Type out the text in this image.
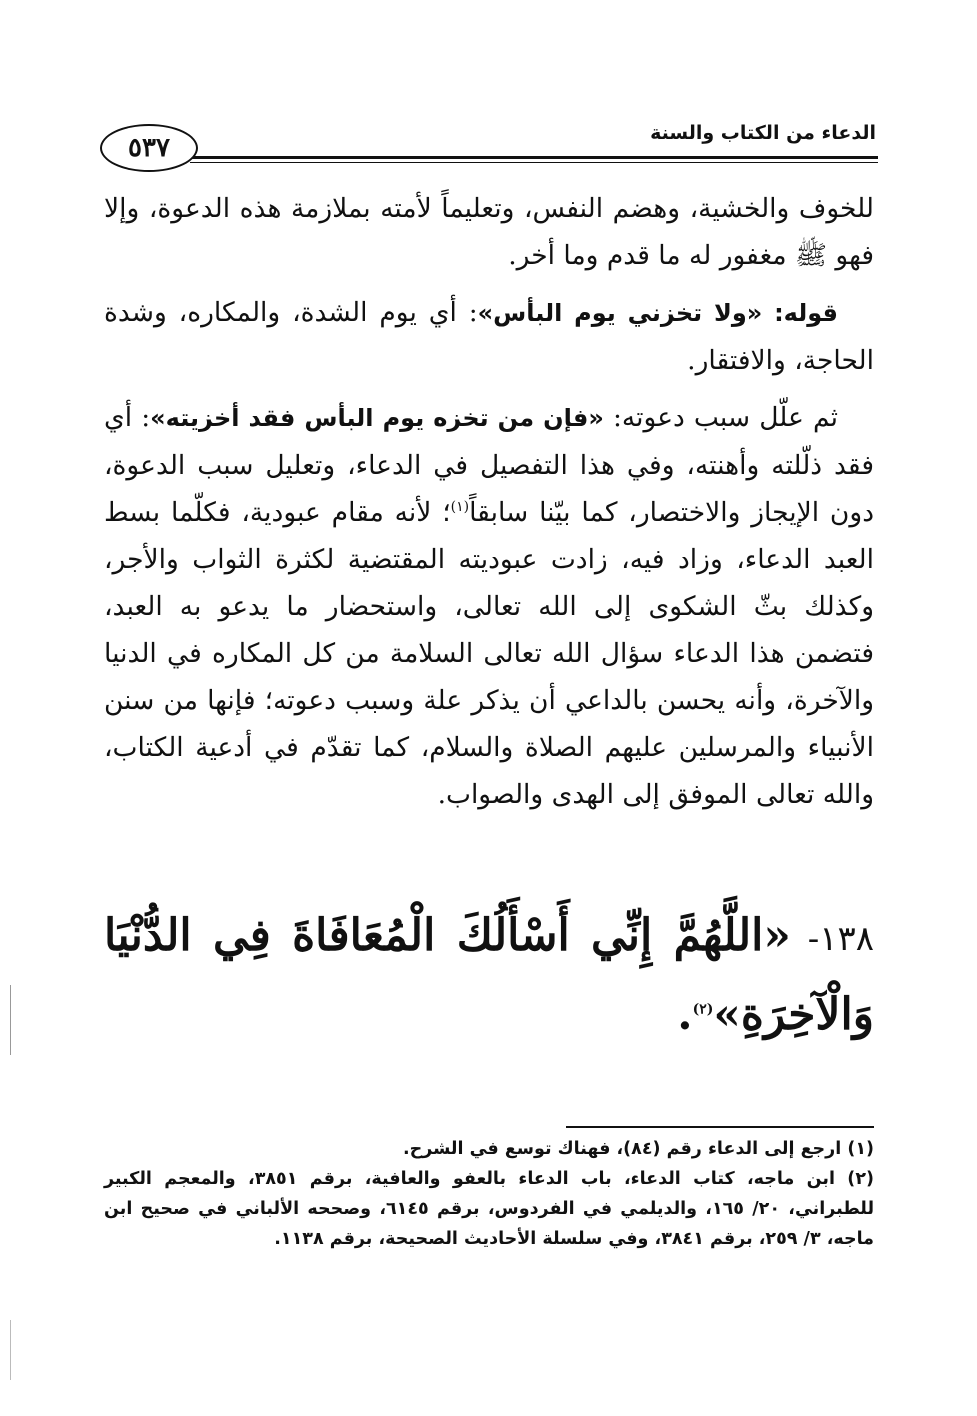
٥٣٧	الدعاء من الكتاب والسنة

للخوف والخشية، وهضم النفس، وتعليماً لأمته بملازمة هذه الدعوة، وإلا فهو ﷺ مغفور له ما قدم وما أخر.

قوله: «ولا تخزني يوم البأس»: أي يوم الشدة، والمكاره، وشدة الحاجة، والافتقار.

ثم علّل سبب دعوته: «فإن من تخزه يوم البأس فقد أخزيته»: أي فقد ذلّلته وأهنته، وفي هذا التفصيل في الدعاء، وتعليل سبب الدعوة، دون الإيجاز والاختصار، كما بيّنا سابقاً$^{(١)}$؛ لأنه مقام عبودية، فكلّما بسط العبد الدعاء، وزاد فيه، زادت عبوديته المقتضية لكثرة الثواب والأجر، وكذلك بثّ الشكوى إلى الله تعالى، واستحضار ما يدعو به العبد، فتضمن هذا الدعاء سؤال الله تعالى السلامة من كل المكاره في الدنيا والآخرة، وأنه يحسن بالداعي أن يذكر علة وسبب دعوته؛ فإنها من سنن الأنبياء والمرسلين عليهم الصلاة والسلام، كما تقدّم في أدعية الكتاب، والله تعالى الموفق إلى الهدى والصواب.

١٣٨- «اللَّهُمَّ إِنِّي أَسْأَلُكَ الْمُعَافَاةَ فِي الدُّنْيَا وَالْآخِرَةِ»$^{(٢)}$.

(١) ارجع إلى الدعاء رقم (٨٤)، فهناك توسع في الشرح.

(٢) ابن ماجه، كتاب الدعاء، باب الدعاء بالعفو والعافية، برقم ٣٨٥١، والمعجم الكبير للطبراني، ٢٠/ ١٦٥، والديلمي في الفردوس، برقم ٦١٤٥، وصححه الألباني في صحيح ابن ماجه، ٣/ ٢٥٩، برقم ٣٨٤١، وفي سلسلة الأحاديث الصحيحة، برقم ١١٣٨.
